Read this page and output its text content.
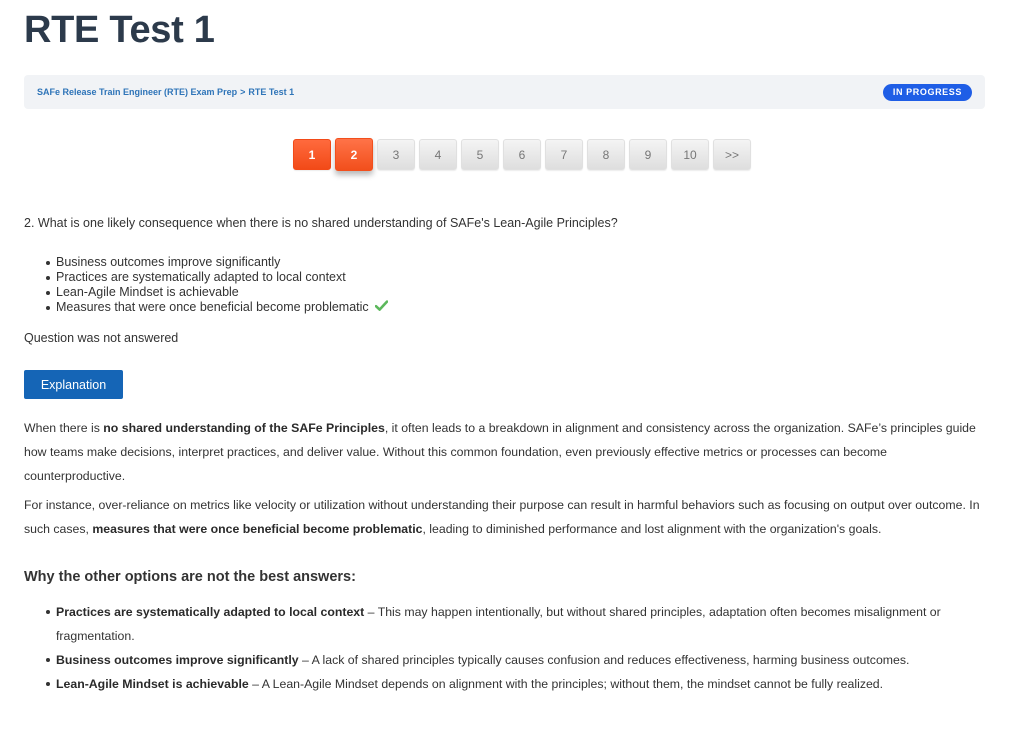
RTE Test 1
SAFe Release Train Engineer (RTE) Exam Prep > RTE Test 1	IN PROGRESS
1	2	3	4	5	6	7	8	9	10	>>

2. What is one likely consequence when there is no shared understanding of SAFe's Lean-Agile Principles?

Business outcomes improve significantly
Practices are systematically adapted to local context
Lean-Agile Mindset is achievable
Measures that were once beneficial become problematic

Question was not answered

Explanation

When there is no shared understanding of the SAFe Principles, it often leads to a breakdown in alignment and consistency across the organization. SAFe’s principles guide how teams make decisions, interpret practices, and deliver value. Without this common foundation, even previously effective metrics or processes can become counterproductive.

For instance, over-reliance on metrics like velocity or utilization without understanding their purpose can result in harmful behaviors such as focusing on output over outcome. In such cases, measures that were once beneficial become problematic, leading to diminished performance and lost alignment with the organization's goals.

Why the other options are not the best answers:
Practices are systematically adapted to local context – This may happen intentionally, but without shared principles, adaptation often becomes misalignment or fragmentation.
Business outcomes improve significantly – A lack of shared principles typically causes confusion and reduces effectiveness, harming business outcomes.
Lean-Agile Mindset is achievable – A Lean-Agile Mindset depends on alignment with the principles; without them, the mindset cannot be fully realized.
